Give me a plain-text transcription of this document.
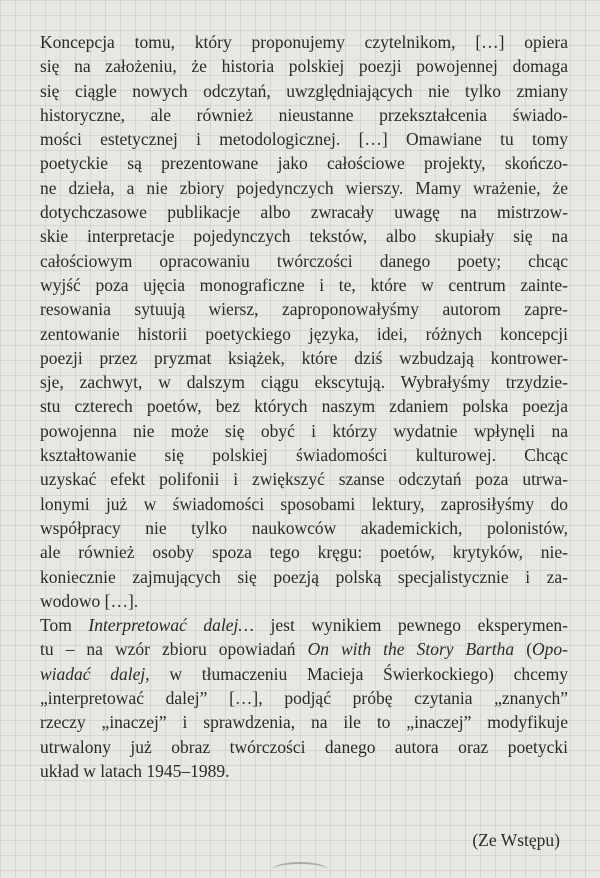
Koncepcja tomu, który proponujemy czytelnikom, […] opiera
się na założeniu, że historia polskiej poezji powojennej domaga
się ciągle nowych odczytań, uwzględniających nie tylko zmiany
historyczne, ale również nieustanne przekształcenia świado-
mości estetycznej i metodologicznej. […] Omawiane tu tomy
poetyckie są prezentowane jako całościowe projekty, skończo-
ne dzieła, a nie zbiory pojedynczych wierszy. Mamy wrażenie, że
dotychczasowe publikacje albo zwracały uwagę na mistrzow-
skie interpretacje pojedynczych tekstów, albo skupiały się na
całościowym opracowaniu twórczości danego poety; chcąc
wyjść poza ujęcia monograficzne i te, które w centrum zainte-
resowania sytuują wiersz, zaproponowałyśmy autorom zapre-
zentowanie historii poetyckiego języka, idei, różnych koncepcji
poezji przez pryzmat książek, które dziś wzbudzają kontrower-
sje, zachwyt, w dalszym ciągu ekscytują. Wybrałyśmy trzydzie-
stu czterech poetów, bez których naszym zdaniem polska poezja
powojenna nie może się obyć i którzy wydatnie wpłynęli na
kształtowanie się polskiej świadomości kulturowej. Chcąc
uzyskać efekt polifonii i zwiększyć szanse odczytań poza utrwa-
lonymi już w świadomości sposobami lektury, zaprosiłyśmy do
współpracy nie tylko naukowców akademickich, polonistów,
ale również osoby spoza tego kręgu: poetów, krytyków, nie-
koniecznie zajmujących się poezją polską specjalistycznie i za-
wodowo […].
Tom Interpretować dalej… jest wynikiem pewnego eksperymen-
tu – na wzór zbioru opowiadań On with the Story Bartha (Opo-
wiadać dalej, w tłumaczeniu Macieja Świerkockiego) chcemy
„interpretować dalej” […], podjąć próbę czytania „znanych”
rzeczy „inaczej” i sprawdzenia, na ile to „inaczej” modyfikuje
utrwalony już obraz twórczości danego autora oraz poetycki
układ w latach 1945–1989.
(Ze Wstępu)
